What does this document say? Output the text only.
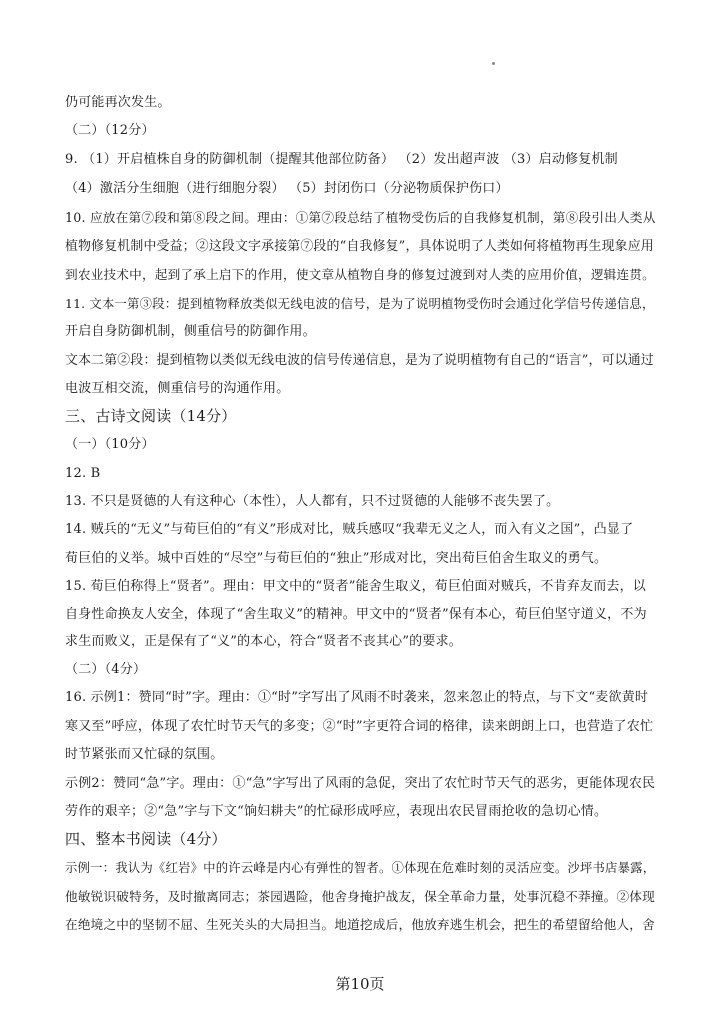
仍可能再次发生。
（二）（12分）
9. （1）开启植株自身的防御机制（提醒其他部位防备） （2）发出超声波 （3）启动修复机制
（4）激活分生细胞（进行细胞分裂） （5）封闭伤口（分泌物质保护伤口）
10. 应放在第⑦段和第⑧段之间。理由：①第⑦段总结了植物受伤后的自我修复机制，第⑧段引出人类从
植物修复机制中受益；②这段文字承接第⑦段的“自我修复”，具体说明了人类如何将植物再生现象应用
到农业技术中，起到了承上启下的作用，使文章从植物自身的修复过渡到对人类的应用价值，逻辑连贯。
11. 文本一第③段：提到植物释放类似无线电波的信号，是为了说明植物受伤时会通过化学信号传递信息，
开启自身防御机制，侧重信号的防御作用。
文本二第②段：提到植物以类似无线电波的信号传递信息，是为了说明植物有自己的“语言”，可以通过
电波互相交流，侧重信号的沟通作用。
三、古诗文阅读（14分）
（一）（10分）
12. B
13. 不只是贤德的人有这种心（本性），人人都有，只不过贤德的人能够不丧失罢了。
14. 贼兵的“无义”与荀巨伯的“有义”形成对比，贼兵感叹“我辈无义之人，而入有义之国”，凸显了
荀巨伯的义举。城中百姓的“尽空”与荀巨伯的“独止”形成对比，突出荀巨伯舍生取义的勇气。
15. 荀巨伯称得上“贤者”。理由：甲文中的“贤者”能舍生取义，荀巨伯面对贼兵，不肯弃友而去，以
自身性命换友人安全，体现了“舍生取义”的精神。甲文中的“贤者”保有本心，荀巨伯坚守道义，不为
求生而败义，正是保有了“义”的本心，符合“贤者不丧其心”的要求。
（二）（4分）
16. 示例1：赞同“时”字。理由：①“时”字写出了风雨不时袭来，忽来忽止的特点，与下文“麦欲黄时
寒又至”呼应，体现了农忙时节天气的多变；②“时”字更符合词的格律，读来朗朗上口，也营造了农忙
时节紧张而又忙碌的氛围。
示例2：赞同“急”字。理由：①“急”字写出了风雨的急促，突出了农忙时节天气的恶劣，更能体现农民
劳作的艰辛；②“急”字与下文“饷妇耕夫”的忙碌形成呼应，表现出农民冒雨抢收的急切心情。
四、整本书阅读（4分）
示例一：我认为《红岩》中的许云峰是内心有弹性的智者。①体现在危难时刻的灵活应变。沙坪书店暴露，
他敏锐识破特务，及时撤离同志；茶园遇险，他舍身掩护战友，保全革命力量，处事沉稳不莽撞。②体现
在绝境之中的坚韧不屈、生死关头的大局担当。地道挖成后，他放弃逃生机会，把生的希望留给他人，舍
第10页
